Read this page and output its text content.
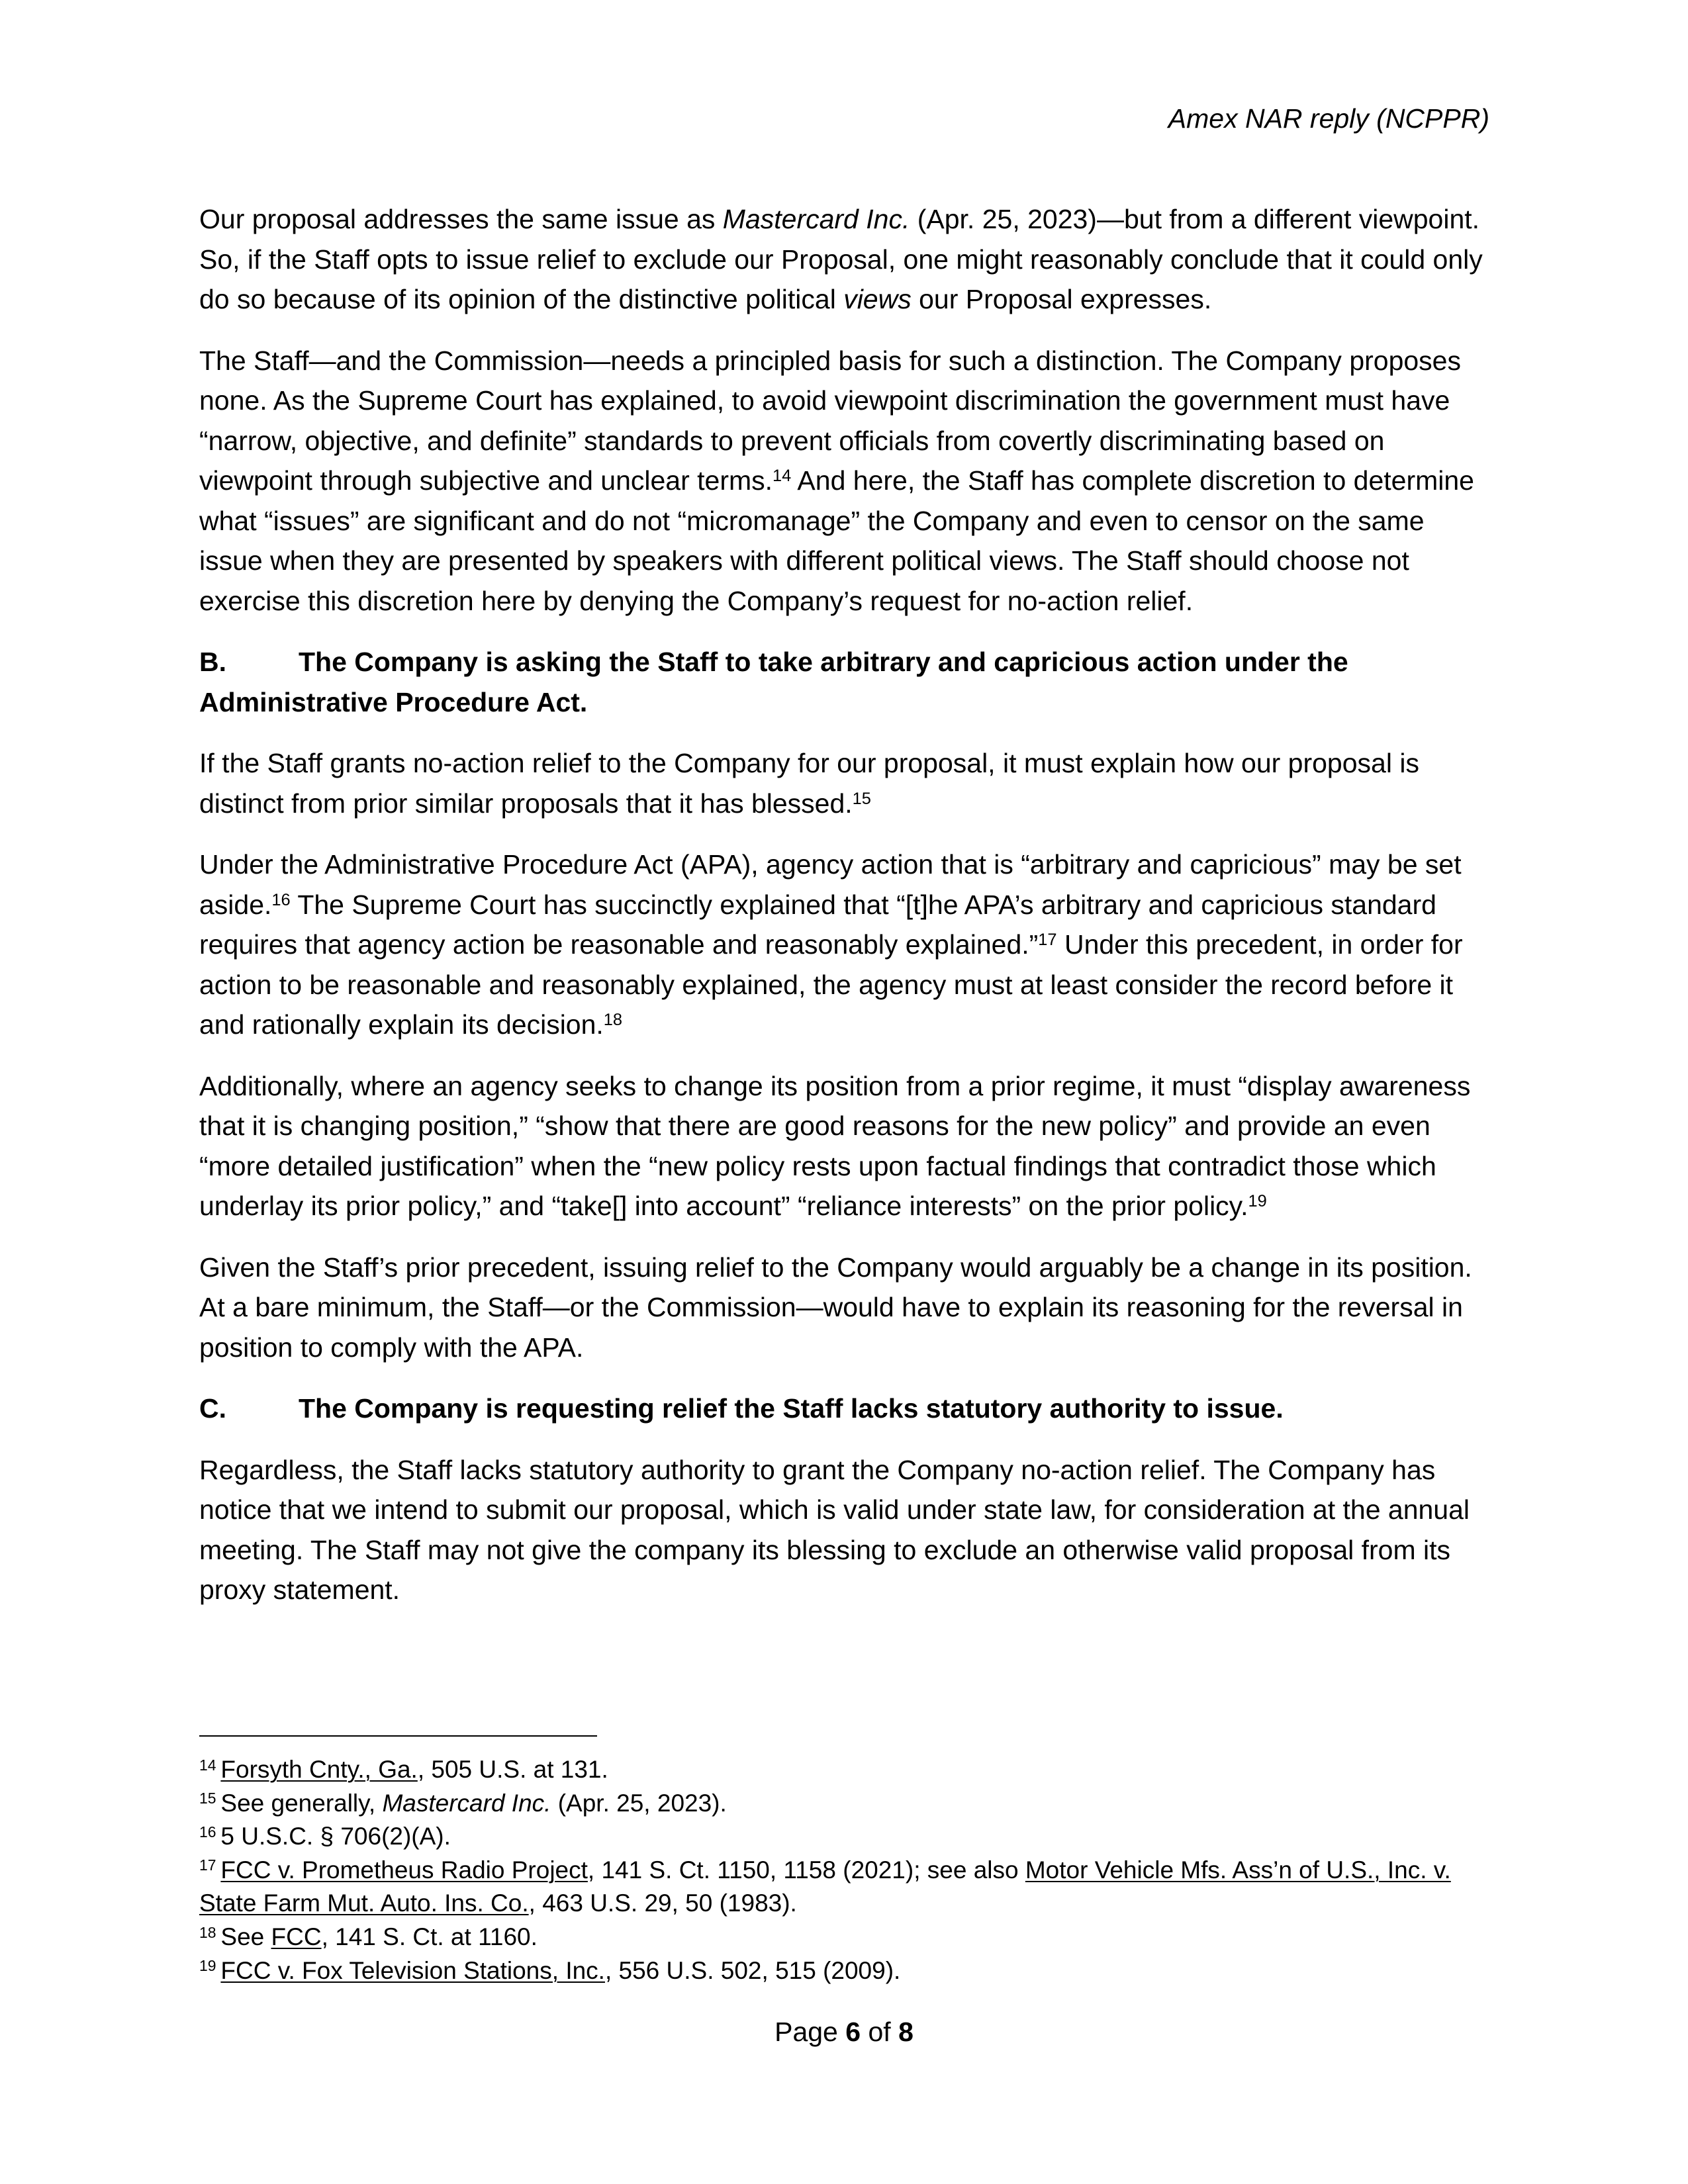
Amex NAR reply (NCPPR)

Our proposal addresses the same issue as Mastercard Inc. (Apr. 25, 2023)—but from a different viewpoint. So, if the Staff opts to issue relief to exclude our Proposal, one might reasonably conclude that it could only do so because of its opinion of the distinctive political views our Proposal expresses.

The Staff—and the Commission—needs a principled basis for such a distinction. The Company proposes none. As the Supreme Court has explained, to avoid viewpoint discrimination the government must have “narrow, objective, and definite” standards to prevent officials from covertly discriminating based on viewpoint through subjective and unclear terms.$^{14}$ And here, the Staff has complete discretion to determine what “issues” are significant and do not “micromanage” the Company and even to censor on the same issue when they are presented by speakers with different political views. The Staff should choose not exercise this discretion here by denying the Company’s request for no-action relief.

B.	The Company is asking the Staff to take arbitrary and capricious action under the Administrative Procedure Act.

If the Staff grants no-action relief to the Company for our proposal, it must explain how our proposal is distinct from prior similar proposals that it has blessed.$^{15}$

Under the Administrative Procedure Act (APA), agency action that is “arbitrary and capricious” may be set aside.$^{16}$ The Supreme Court has succinctly explained that “[t]he APA’s arbitrary and capricious standard requires that agency action be reasonable and reasonably explained.”$^{17}$ Under this precedent, in order for action to be reasonable and reasonably explained, the agency must at least consider the record before it and rationally explain its decision.$^{18}$

Additionally, where an agency seeks to change its position from a prior regime, it must “display awareness that it is changing position,” “show that there are good reasons for the new policy” and provide an even “more detailed justification” when the “new policy rests upon factual findings that contradict those which underlay its prior policy,” and “take[] into account” “reliance interests” on the prior policy.$^{19}$

Given the Staff’s prior precedent, issuing relief to the Company would arguably be a change in its position. At a bare minimum, the Staff—or the Commission—would have to explain its reasoning for the reversal in position to comply with the APA.

C.	The Company is requesting relief the Staff lacks statutory authority to issue.

Regardless, the Staff lacks statutory authority to grant the Company no-action relief. The Company has notice that we intend to submit our proposal, which is valid under state law, for consideration at the annual meeting. The Staff may not give the company its blessing to exclude an otherwise valid proposal from its proxy statement.

$^{14}$ Forsyth Cnty., Ga., 505 U.S. at 131.

$^{15}$ See generally, Mastercard Inc. (Apr. 25, 2023).

$^{16}$ 5 U.S.C. § 706(2)(A).

$^{17}$ FCC v. Prometheus Radio Project, 141 S. Ct. 1150, 1158 (2021); see also Motor Vehicle Mfs. Ass’n of U.S., Inc. v. State Farm Mut. Auto. Ins. Co., 463 U.S. 29, 50 (1983).

$^{18}$ See FCC, 141 S. Ct. at 1160.

$^{19}$ FCC v. Fox Television Stations, Inc., 556 U.S. 502, 515 (2009).

Page 6 of 8
